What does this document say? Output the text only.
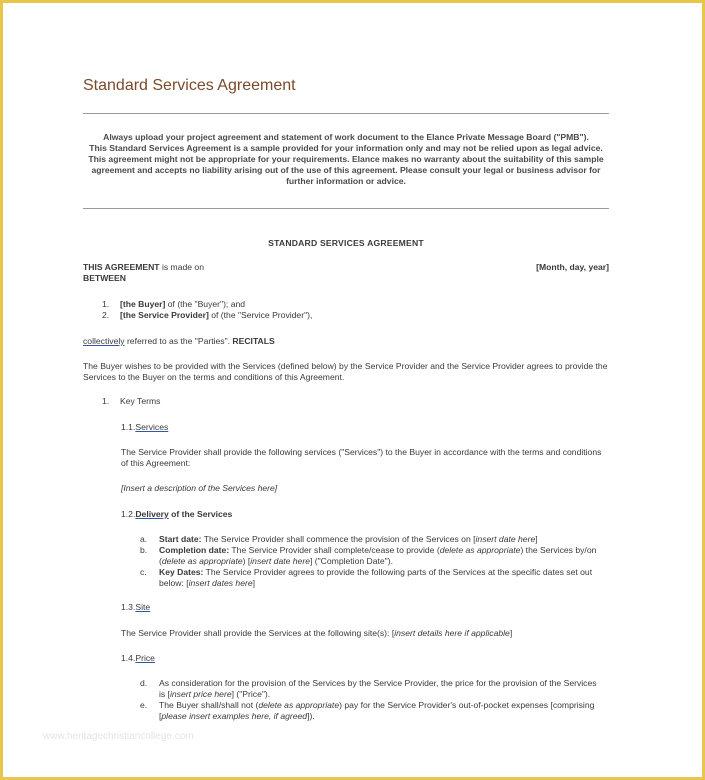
Standard Services Agreement

Always upload your project agreement and statement of work document to the Elance Private Message Board ("PMB").

This Standard Services Agreement is a sample provided for your information only and may not be relied upon as legal advice. This agreement might not be appropriate for your requirements. Elance makes no warranty about the suitability of this sample agreement and accepts no liability arising out of the use of this agreement. Please consult your legal or business advisor for further information or advice.

STANDARD SERVICES AGREEMENT
THIS AGREEMENT is made on	[Month, day, year]
BETWEEN
1. [the Buyer] of (the "Buyer"); and
2. [the Service Provider] of (the "Service Provider"),
collectively referred to as the "Parties". RECITALS
The Buyer wishes to be provided with the Services (defined below) by the Service Provider and the Service Provider agrees to provide the Services to the Buyer on the terms and conditions of this Agreement.
1. Key Terms
1.1.Services
The Service Provider shall provide the following services ("Services") to the Buyer in accordance with the terms and conditions of this Agreement:
[Insert a description of the Services here]
1.2.Delivery of the Services
a. Start date: The Service Provider shall commence the provision of the Services on [insert date here]
b. Completion date: The Service Provider shall complete/cease to provide (delete as appropriate) the Services by/on (delete as appropriate) [insert date here] ("Completion Date").
c. Key Dates: The Service Provider agrees to provide the following parts of the Services at the specific dates set out below: [insert dates here]
1.3.Site
The Service Provider shall provide the Services at the following site(s): [insert details here if applicable]
1.4.Price
d. As consideration for the provision of the Services by the Service Provider, the price for the provision of the Services is [insert price here] ("Price").
e. The Buyer shall/shall not (delete as appropriate) pay for the Service Provider's out-of-pocket expenses [comprising [please insert examples here, if agreed]).
www.heritagechristiancollege.com
